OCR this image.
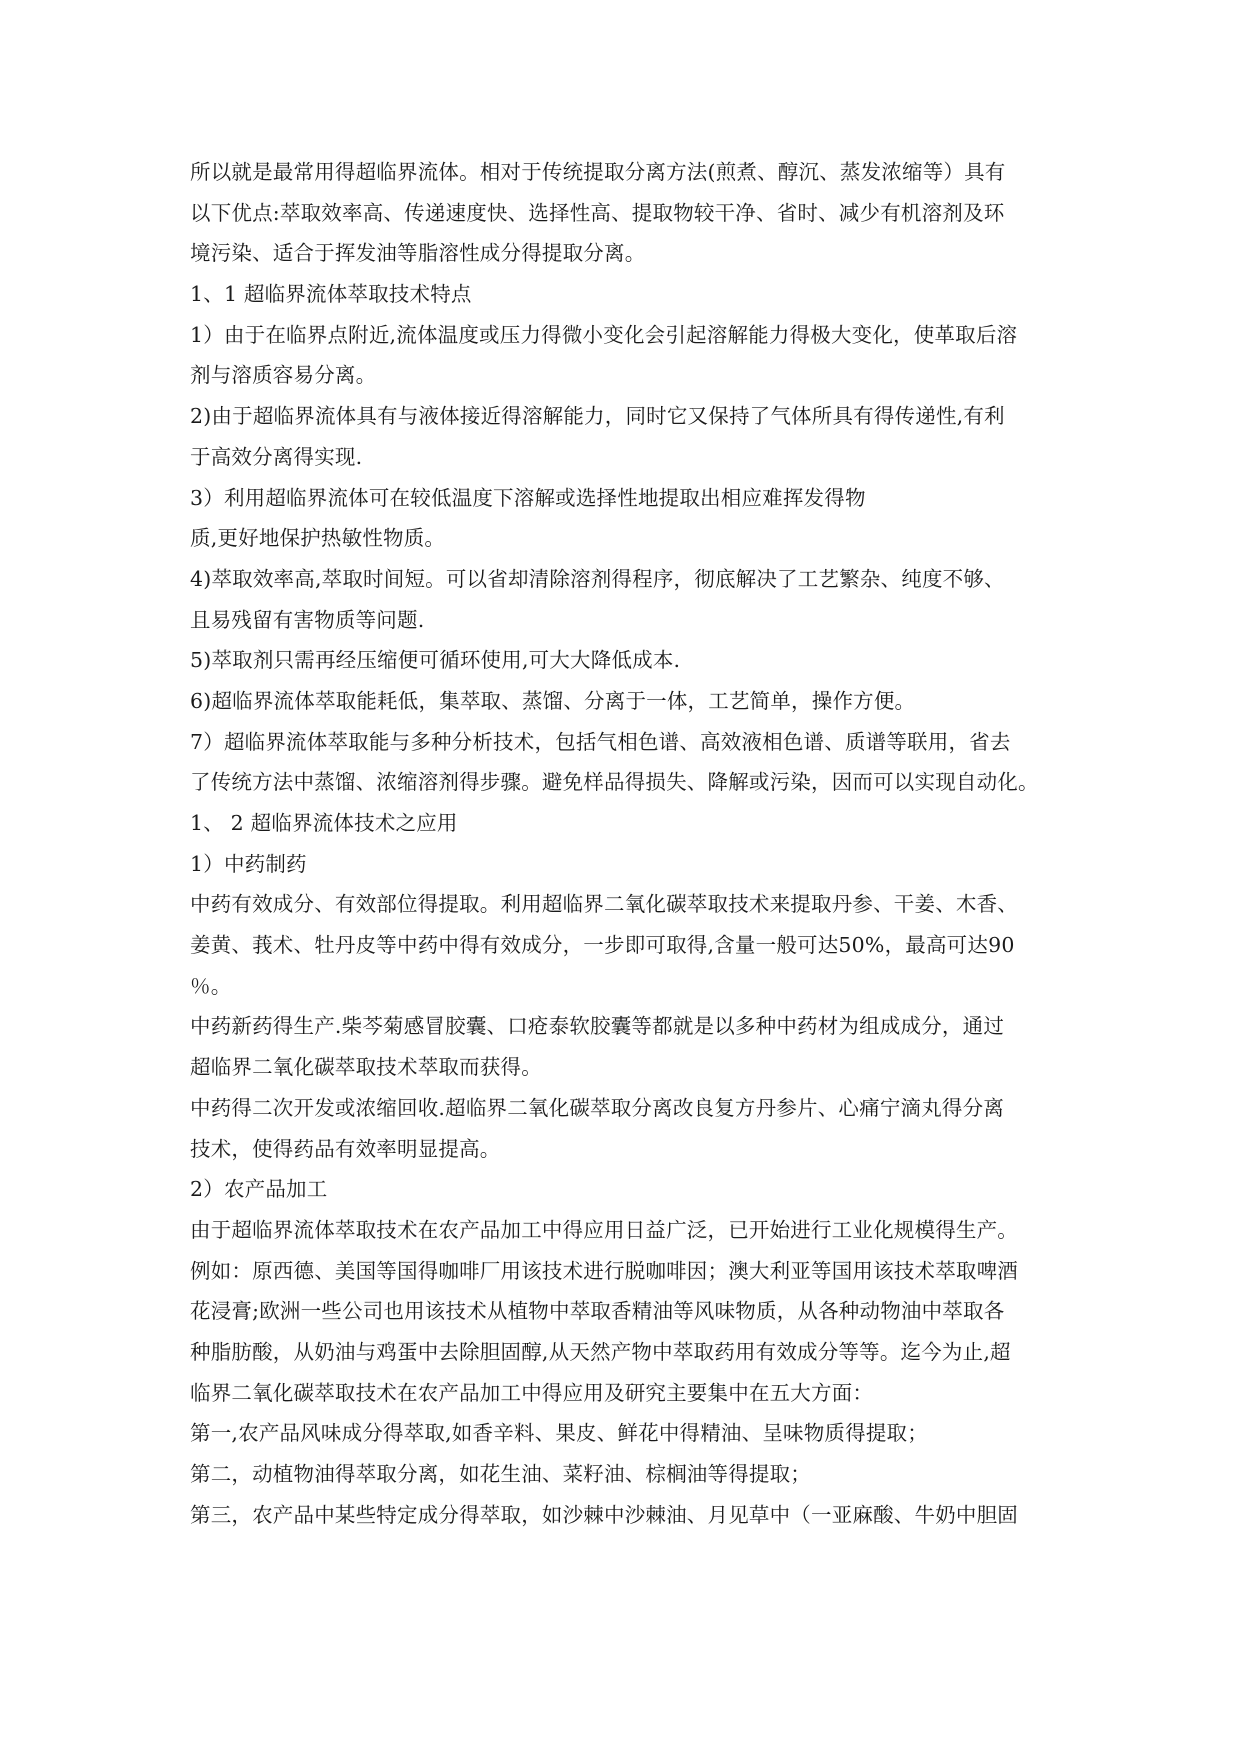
所以就是最常用得超临界流体。相对于传统提取分离方法(煎煮、醇沉、蒸发浓缩等）具有
以下优点:萃取效率高、传递速度快、选择性高、提取物较干净、省时、减少有机溶剂及环
境污染、适合于挥发油等脂溶性成分得提取分离。
1、1 超临界流体萃取技术特点
1）由于在临界点附近,流体温度或压力得微小变化会引起溶解能力得极大变化，使革取后溶
剂与溶质容易分离。
2)由于超临界流体具有与液体接近得溶解能力，同时它又保持了气体所具有得传递性,有利
于高效分离得实现.
3）利用超临界流体可在较低温度下溶解或选择性地提取出相应难挥发得物
质,更好地保护热敏性物质。
4)萃取效率高,萃取时间短。可以省却清除溶剂得程序，彻底解决了工艺繁杂、纯度不够、
且易残留有害物质等问题.
5)萃取剂只需再经压缩便可循环使用,可大大降低成本.
6)超临界流体萃取能耗低，集萃取、蒸馏、分离于一体，工艺简单，操作方便。
7）超临界流体萃取能与多种分析技术，包括气相色谱、高效液相色谱、质谱等联用，省去
了传统方法中蒸馏、浓缩溶剂得步骤。避免样品得损失、降解或污染，因而可以实现自动化。
1、 2 超临界流体技术之应用
1）中药制药
中药有效成分、有效部位得提取。利用超临界二氧化碳萃取技术来提取丹参、干姜、木香、
姜黄、莪术、牡丹皮等中药中得有效成分，一步即可取得,含量一般可达50%，最高可达90
％。
中药新药得生产.柴芩菊感冒胶囊、口疮泰软胶囊等都就是以多种中药材为组成成分，通过
超临界二氧化碳萃取技术萃取而获得。
中药得二次开发或浓缩回收.超临界二氧化碳萃取分离改良复方丹参片、心痛宁滴丸得分离
技术，使得药品有效率明显提高。
2）农产品加工
由于超临界流体萃取技术在农产品加工中得应用日益广泛，已开始进行工业化规模得生产。
例如：原西德、美国等国得咖啡厂用该技术进行脱咖啡因；澳大利亚等国用该技术萃取啤酒
花浸膏;欧洲一些公司也用该技术从植物中萃取香精油等风味物质，从各种动物油中萃取各
种脂肪酸，从奶油与鸡蛋中去除胆固醇,从天然产物中萃取药用有效成分等等。迄今为止,超
临界二氧化碳萃取技术在农产品加工中得应用及研究主要集中在五大方面：
第一,农产品风味成分得萃取,如香辛料、果皮、鲜花中得精油、呈味物质得提取；
第二，动植物油得萃取分离，如花生油、菜籽油、棕榈油等得提取；
第三，农产品中某些特定成分得萃取，如沙棘中沙棘油、月见草中（一亚麻酸、牛奶中胆固
